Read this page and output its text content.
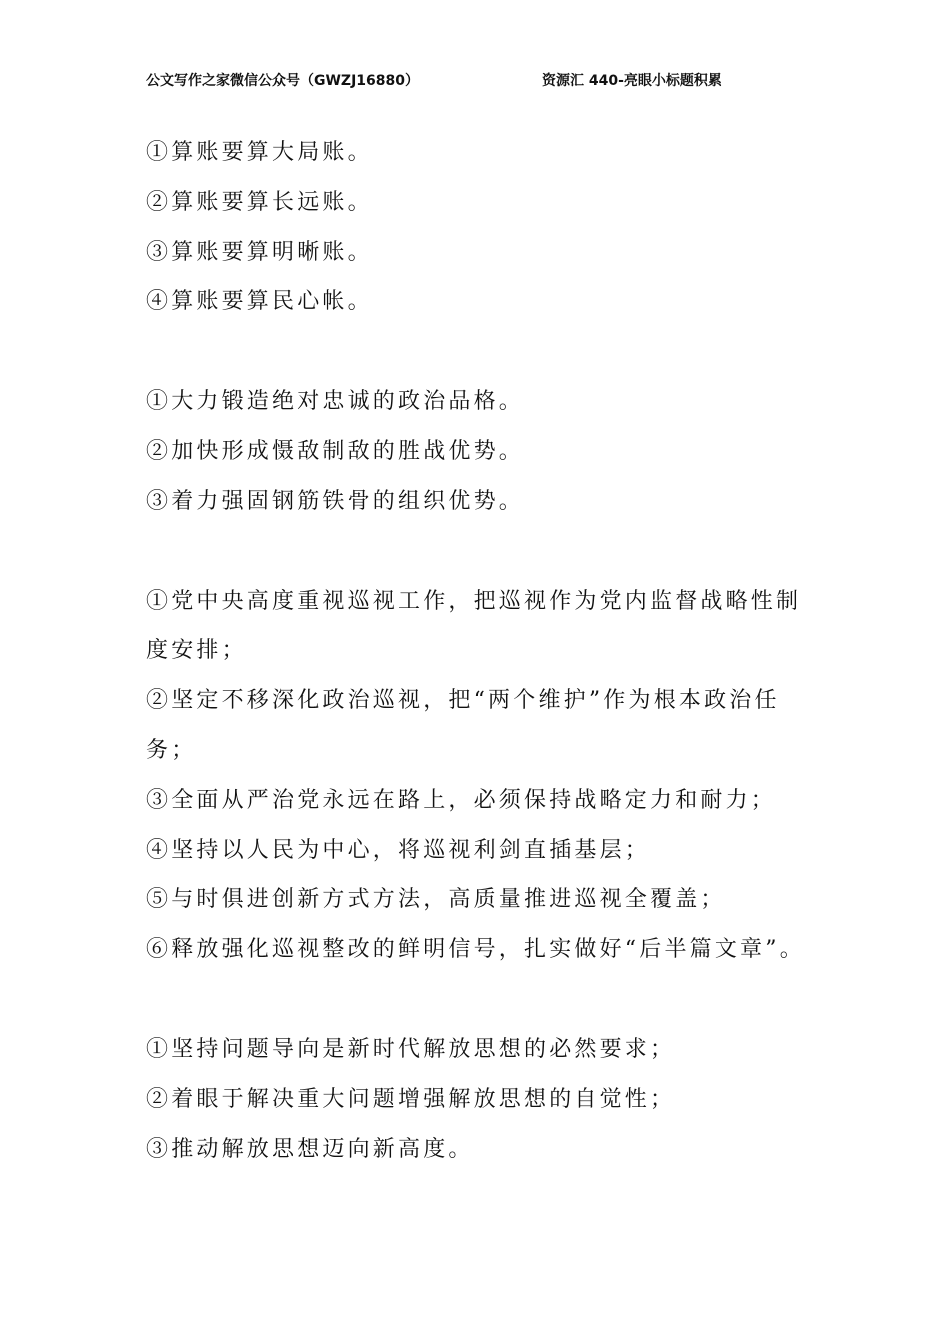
公文写作之家微信公众号（GWZJ16880）	资源汇 440-亮眼小标题积累
①算账要算大局账。
②算账要算长远账。
③算账要算明晰账。
④算账要算民心帐。
①大力锻造绝对忠诚的政治品格。
②加快形成慑敌制敌的胜战优势。
③着力强固钢筋铁骨的组织优势。
①党中央高度重视巡视工作，把巡视作为党内监督战略性制度安排；
②坚定不移深化政治巡视，把“两个维护”作为根本政治任务；
③全面从严治党永远在路上，必须保持战略定力和耐力；
④坚持以人民为中心，将巡视利剑直插基层；
⑤与时俱进创新方式方法，高质量推进巡视全覆盖；
⑥释放强化巡视整改的鲜明信号，扎实做好“后半篇文章”。
①坚持问题导向是新时代解放思想的必然要求；
②着眼于解决重大问题增强解放思想的自觉性；
③推动解放思想迈向新高度。
